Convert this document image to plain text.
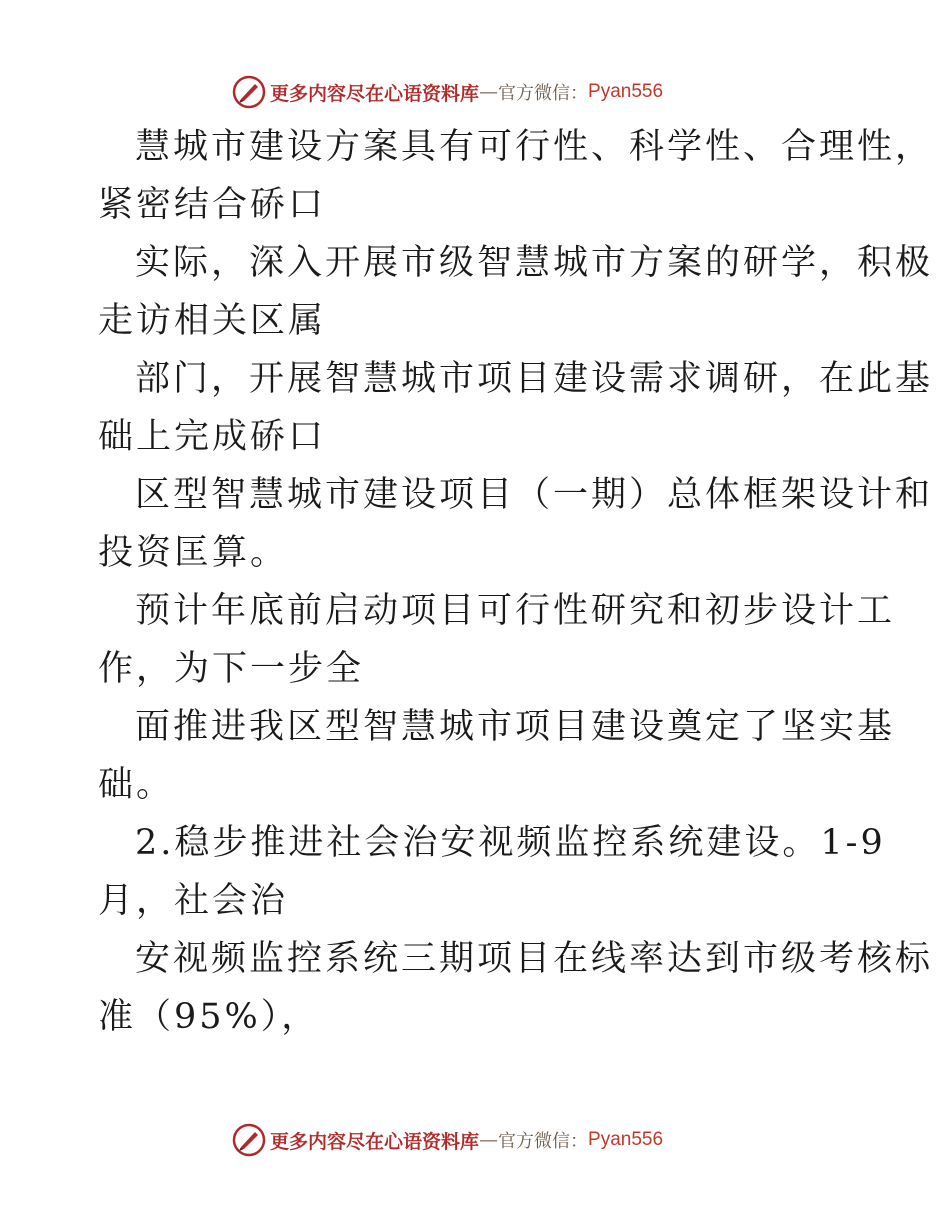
更多内容尽在心语资料库 — 官方微信： Pyan556
慧城市建设方案具有可行性、科学性、合理性，
紧密结合硚口
实际，深入开展市级智慧城市方案的研学，积极
走访相关区属
部门，开展智慧城市项目建设需求调研，在此基
础上完成硚口
区型智慧城市建设项目（一期）总体框架设计和
投资匡算。
预计年底前启动项目可行性研究和初步设计工
作，为下一步全
面推进我区型智慧城市项目建设奠定了坚实基
础。
2.稳步推进社会治安视频监控系统建设。1-9
月，社会治
安视频监控系统三期项目在线率达到市级考核标
准（95%），
更多内容尽在心语资料库 — 官方微信： Pyan556
